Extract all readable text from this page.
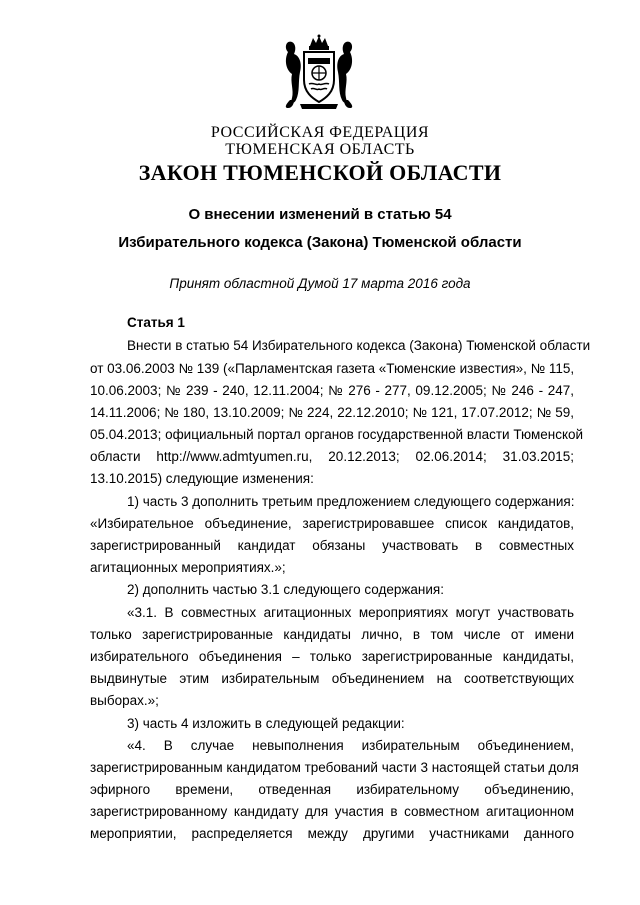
РОССИЙСКАЯ ФЕДЕРАЦИЯ
ТЮМЕНСКАЯ ОБЛАСТЬ
ЗАКОН ТЮМЕНСКОЙ ОБЛАСТИ
О внесении изменений в статью 54
Избирательного кодекса (Закона) Тюменской области
Принят областной Думой 17 марта 2016 года
Статья 1
Внести в статью 54 Избирательного кодекса (Закона) Тюменской области
от 03.06.2003 № 139 («Парламентская газета «Тюменские известия», № 115,
10.06.2003; № 239 - 240, 12.11.2004; № 276 - 277, 09.12.2005; № 246 - 247,
14.11.2006; № 180, 13.10.2009; № 224, 22.12.2010; № 121, 17.07.2012; № 59,
05.04.2013; официальный портал органов государственной власти Тюменской
области http://www.admtyumen.ru, 20.12.2013; 02.06.2014; 31.03.2015;
13.10.2015) следующие изменения:
1) часть 3 дополнить третьим предложением следующего содержания:
«Избирательное объединение, зарегистрировавшее список кандидатов,
зарегистрированный кандидат обязаны участвовать в совместных
агитационных мероприятиях.»;
2) дополнить частью 3.1 следующего содержания:
«3.1. В совместных агитационных мероприятиях могут участвовать
только зарегистрированные кандидаты лично, в том числе от имени
избирательного объединения – только зарегистрированные кандидаты,
выдвинутые этим избирательным объединением на соответствующих
выборах.»;
3) часть 4 изложить в следующей редакции:
«4. В случае невыполнения избирательным объединением,
зарегистрированным кандидатом требований части 3 настоящей статьи доля
эфирного времени, отведенная избирательному объединению,
зарегистрированному кандидату для участия в совместном агитационном
мероприятии, распределяется между другими участниками данного
